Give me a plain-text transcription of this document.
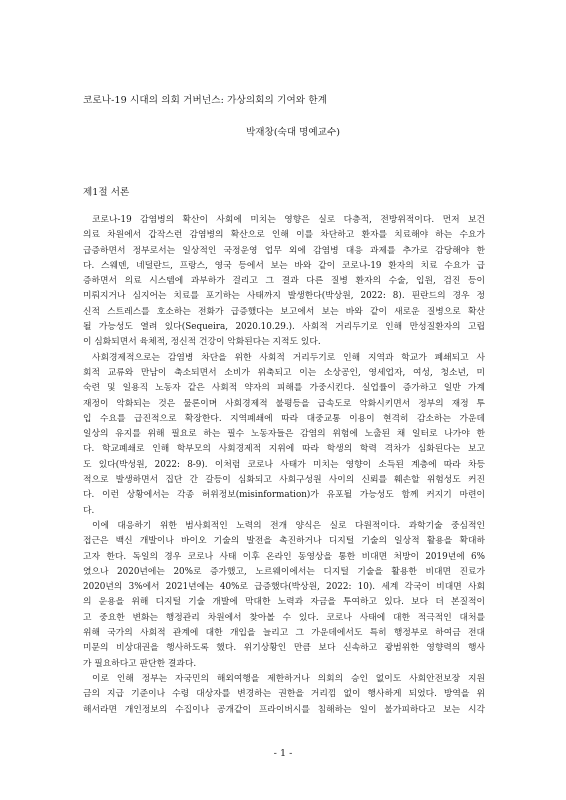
코로나-19 시대의 의회 거버넌스: 가상의회의 기여와 한계
박재창(숙대 명예교수)
제1절 서론
코로나-19 감염병의 확산이 사회에 미치는 영향은 실로 다층적, 전방위적이다. 먼저 보건
의료 차원에서 갑작스런 감염병의 확산으로 인해 이를 차단하고 환자를 치료해야 하는 수요가
급증하면서 정부로서는 일상적인 국정운영 업무 외에 감염병 대응 과제를 추가로 감당해야 한
다. 스웨덴, 네덜란드, 프랑스, 영국 등에서 보는 바와 같이 코로나-19 환자의 치료 수요가 급
증하면서 의료 시스템에 과부하가 걸리고 그 결과 다른 질병 환자의 수술, 입원, 검진 등이
미뤄지거나 심지어는 치료를 포기하는 사태까지 발생한다(박상원, 2022: 8). 핀란드의 경우 정
신적 스트레스를 호소하는 전화가 급증했다는 보고에서 보는 바와 같이 새로운 질병으로 확산
될 가능성도 열려 있다(Sequeira, 2020.10.29.). 사회적 거리두기로 인해 만성질환자의 고립
이 심화되면서 육체적, 정신적 건강이 악화된다는 지적도 있다.
사회경제적으로는 감염병 차단을 위한 사회적 거리두기로 인해 지역과 학교가 폐쇄되고 사
회적 교류와 만남이 축소되면서 소비가 위축되고 이는 소상공인, 영세업자, 여성, 청소년, 미
숙련 및 일용직 노동자 같은 사회적 약자의 피해를 가중시킨다. 실업률이 증가하고 일반 가계
재정이 악화되는 것은 물론이며 사회경제적 불평등을 급속도로 악화시키면서 정부의 재정 투
입 수요를 급진적으로 확장한다. 지역폐쇄에 따라 대중교통 이용이 현격히 감소하는 가운데
일상의 유지를 위해 필요로 하는 필수 노동자들은 감염의 위험에 노출된 채 일터로 나가야 한
다. 학교폐쇄로 인해 학부모의 사회경제적 지위에 따라 학생의 학력 격차가 심화된다는 보고
도 있다(박성원, 2022: 8-9). 이처럼 코로나 사태가 미치는 영향이 소득된 계층에 따라 차등
적으로 발생하면서 집단 간 갈등이 심화되고 사회구성원 사이의 신뢰를 훼손할 위험성도 커진
다. 이런 상황에서는 각종 허위정보(misinformation)가 유포될 가능성도 함께 커지기 마련이
다.
이에 대응하기 위한 범사회적인 노력의 전개 양식은 실로 다원적이다. 과학기술 중심적인
접근은 백신 개발이나 바이오 기술의 발전을 촉진하거나 디지털 기술의 일상적 활용을 확대하
고자 한다. 독일의 경우 코로나 사태 이후 온라인 동영상을 통한 비대면 처방이 2019년에 6%
였으나 2020년에는 20%로 증가했고, 노르웨이에서는 디지털 기술을 활용한 비대면 진료가
2020년의 3%에서 2021년에는 40%로 급증했다(박상원, 2022: 10). 세계 각국이 비대면 사회
의 운용을 위해 디지털 기술 개발에 막대한 노력과 자금을 투여하고 있다. 보다 더 본질적이
고 중요한 변화는 행정관리 차원에서 찾아볼 수 있다. 코로나 사태에 대한 적극적인 대처를
위해 국가의 사회적 관계에 대한 개입을 늘리고 그 가운데에서도 특히 행정부로 하여금 전대
미문의 비상대권을 행사하도록 했다. 위기상황인 만큼 보다 신속하고 광범위한 영향력의 행사
가 필요하다고 판단한 결과다.
이로 인해 정부는 자국민의 해외여행을 제한하거나 의회의 승인 없이도 사회안전보장 지원
금의 지급 기준이나 수령 대상자를 변경하는 권한을 거리낌 없이 행사하게 되었다. 방역을 위
해서라면 개인정보의 수집이나 공개같이 프라이버시를 침해하는 일이 불가피하다고 보는 시각
- 1 -
